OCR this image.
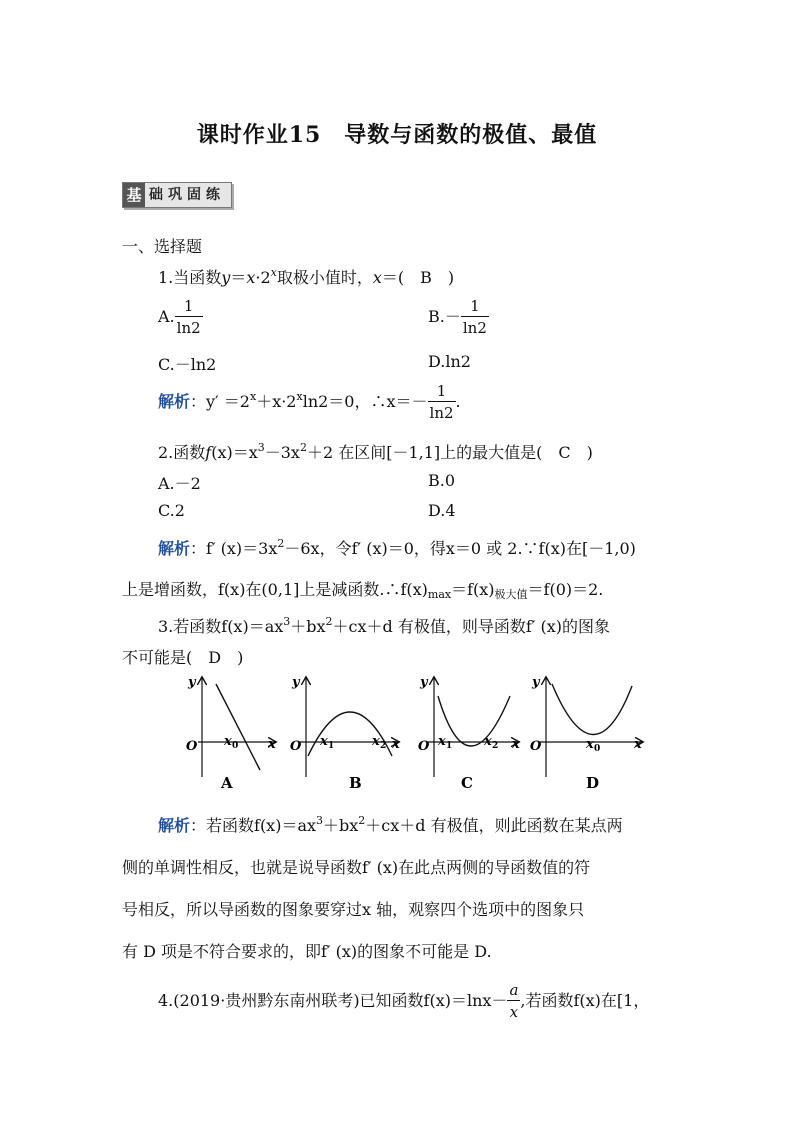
课时作业15　导数与函数的极值、最值
基 础巩固练
一、选择题
1.当函数$y=x\cdot 2^x$取极小值时，x＝(　B　)
A. $\frac{1}{\ln 2}$	$B.- \frac{1}{\ln 2}$
C.－ln2	D.ln2
解析：$y' =2^x+x\cdot 2^x\ln 2=0$，∴x＝－ $\frac{1}{\ln 2}$ .
2.函数$f(x)=x^3-3x^2+2$ 在区间[－1,1]上的最大值是(　C　)
A.－2	B.0
C.2	D.4
解析：f′ $(x)=3x^2-6x$，令f′ (x)＝0，得x＝0 或 2.∵f(x)在[－1,0)
上是增函数，f(x)在(0,1]上是减函数$.\therefore f(x)_{max}=f(x)_{极大值}=f(0)=2$.
3.若函数$f(x)=ax^3+bx^2+cx+d$ 有极值，则导函数f′ (x)的图象
不可能是(　D　)
y
O	x
x 0
y
O	x
x 1	x 2
y
O	x
x 1 x 2
y
O	x
x 0
A	B	C	D
解析：若函数$f(x)=ax^3+bx^2+cx+d$ 有极值，则此函数在某点两
侧的单调性相反，也就是说导函数f′ (x)在此点两侧的导函数值的符
号相反，所以导函数的图象要穿过x 轴，观察四个选项中的图象只
有 D 项是不符合要求的，即f′ (x)的图象不可能是 D.
4.(2019·贵州黔东南州联考)已知函数$f(x)=\ln x- \frac{a}{x}$ ,若函数f(x)在[1，
